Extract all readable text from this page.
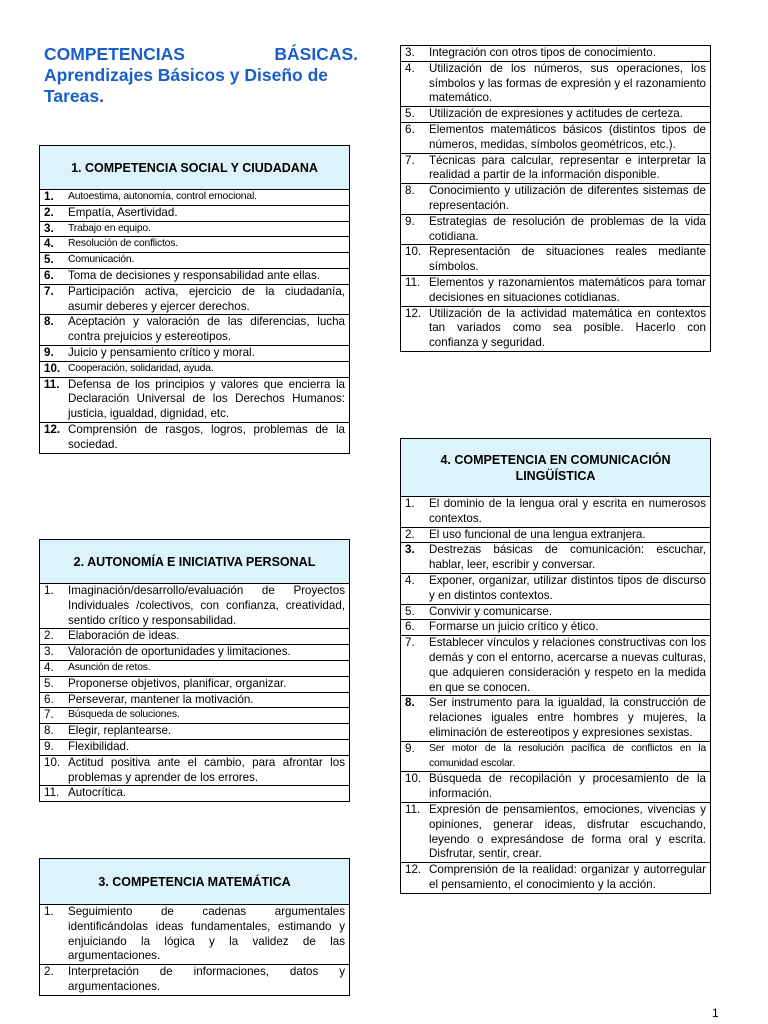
COMPETENCIAS	BÁSICAS.
Aprendizajes Básicos y Diseño de Tareas.
1. COMPETENCIA SOCIAL Y CIUDADANA
1.	Autoestima, autonomía, control emocional.
2.	Empatía, Asertividad.
3.	Trabajo en equipo.
4.	Resolución de conflictos.
5.	Comunicación.
6.	Toma de decisiones y responsabilidad ante ellas.
7.	Participación activa, ejercicio de la ciudadanía, asumir deberes y ejercer derechos.
8.	Aceptación y valoración de las diferencias, lucha contra prejuicios y estereotipos.
9.	Juicio y pensamiento crítico y moral.
10. Cooperación, solidaridad, ayuda.
11. Defensa de los principios y valores que encierra la Declaración Universal de los Derechos Humanos: justicia, igualdad, dignidad, etc.
12. Comprensión de rasgos, logros, problemas de la sociedad.
2. AUTONOMÍA E INICIATIVA PERSONAL
1.	Imaginación/desarrollo/evaluación de Proyectos Individuales /colectivos, con confianza, creatividad, sentido crítico y responsabilidad.
2.	Elaboración de ideas.
3.	Valoración de oportunidades y limitaciones.
4.	Asunción de retos.
5.	Proponerse objetivos, planificar, organizar.
6.	Perseverar, mantener la motivación.
7.	Búsqueda de soluciones.
8.	Elegir, replantearse.
9.	Flexibilidad.
10. Actitud positiva ante el cambio, para afrontar los problemas y aprender de los errores.
11. Autocrítica.
3. COMPETENCIA MATEMÁTICA
1.	Seguimiento de cadenas argumentales identificándolas ideas fundamentales, estimando y enjuiciando la lógica y la validez de las argumentaciones.
2.	Interpretación de informaciones, datos y argumentaciones.
3.	Integración con otros tipos de conocimiento.
4.	Utilización de los números, sus operaciones, los símbolos y las formas de expresión y el razonamiento matemático.
5.	Utilización de expresiones y actitudes de certeza.
6.	Elementos matemáticos básicos (distintos tipos de números, medidas, símbolos geométricos, etc.).
7.	Técnicas para calcular, representar e interpretar la realidad a partir de la información disponible.
8.	Conocimiento y utilización de diferentes sistemas de representación.
9.	Estrategias de resolución de problemas de la vida cotidiana.
10. Representación de situaciones reales mediante símbolos.
11. Elementos y razonamientos matemáticos para tomar decisiones en situaciones cotidianas.
12. Utilización de la actividad matemática en contextos tan variados como sea posible. Hacerlo con confianza y seguridad.
4. COMPETENCIA EN COMUNICACIÓN LINGÜÍSTICA
1.	El dominio de la lengua oral y escrita en numerosos contextos.
2.	El uso funcional de una lengua extranjera.
3.	Destrezas básicas de comunicación: escuchar, hablar, leer, escribir y conversar.
4.	Exponer, organizar, utilizar distintos tipos de discurso y en distintos contextos.
5.	Convivir y comunicarse.
6.	Formarse un juicio crítico y ético.
7.	Establecer vínculos y relaciones constructivas con los demás y con el entorno, acercarse a nuevas culturas, que adquieren consideración y respeto en la medida en que se conocen.
8.	Ser instrumento para la igualdad, la construcción de relaciones iguales entre hombres y mujeres, la eliminación de estereotipos y expresiones sexistas.
9.	Ser motor de la resolución pacífica de conflictos en la comunidad escolar.
10. Búsqueda de recopilación y procesamiento de la información.
11. Expresión de pensamientos, emociones, vivencias y opiniones, generar ideas, disfrutar escuchando, leyendo o expresándose de forma oral y escrita. Disfrutar, sentir, crear.
12. Comprensión de la realidad: organizar y autorregular el pensamiento, el conocimiento y la acción.
1
